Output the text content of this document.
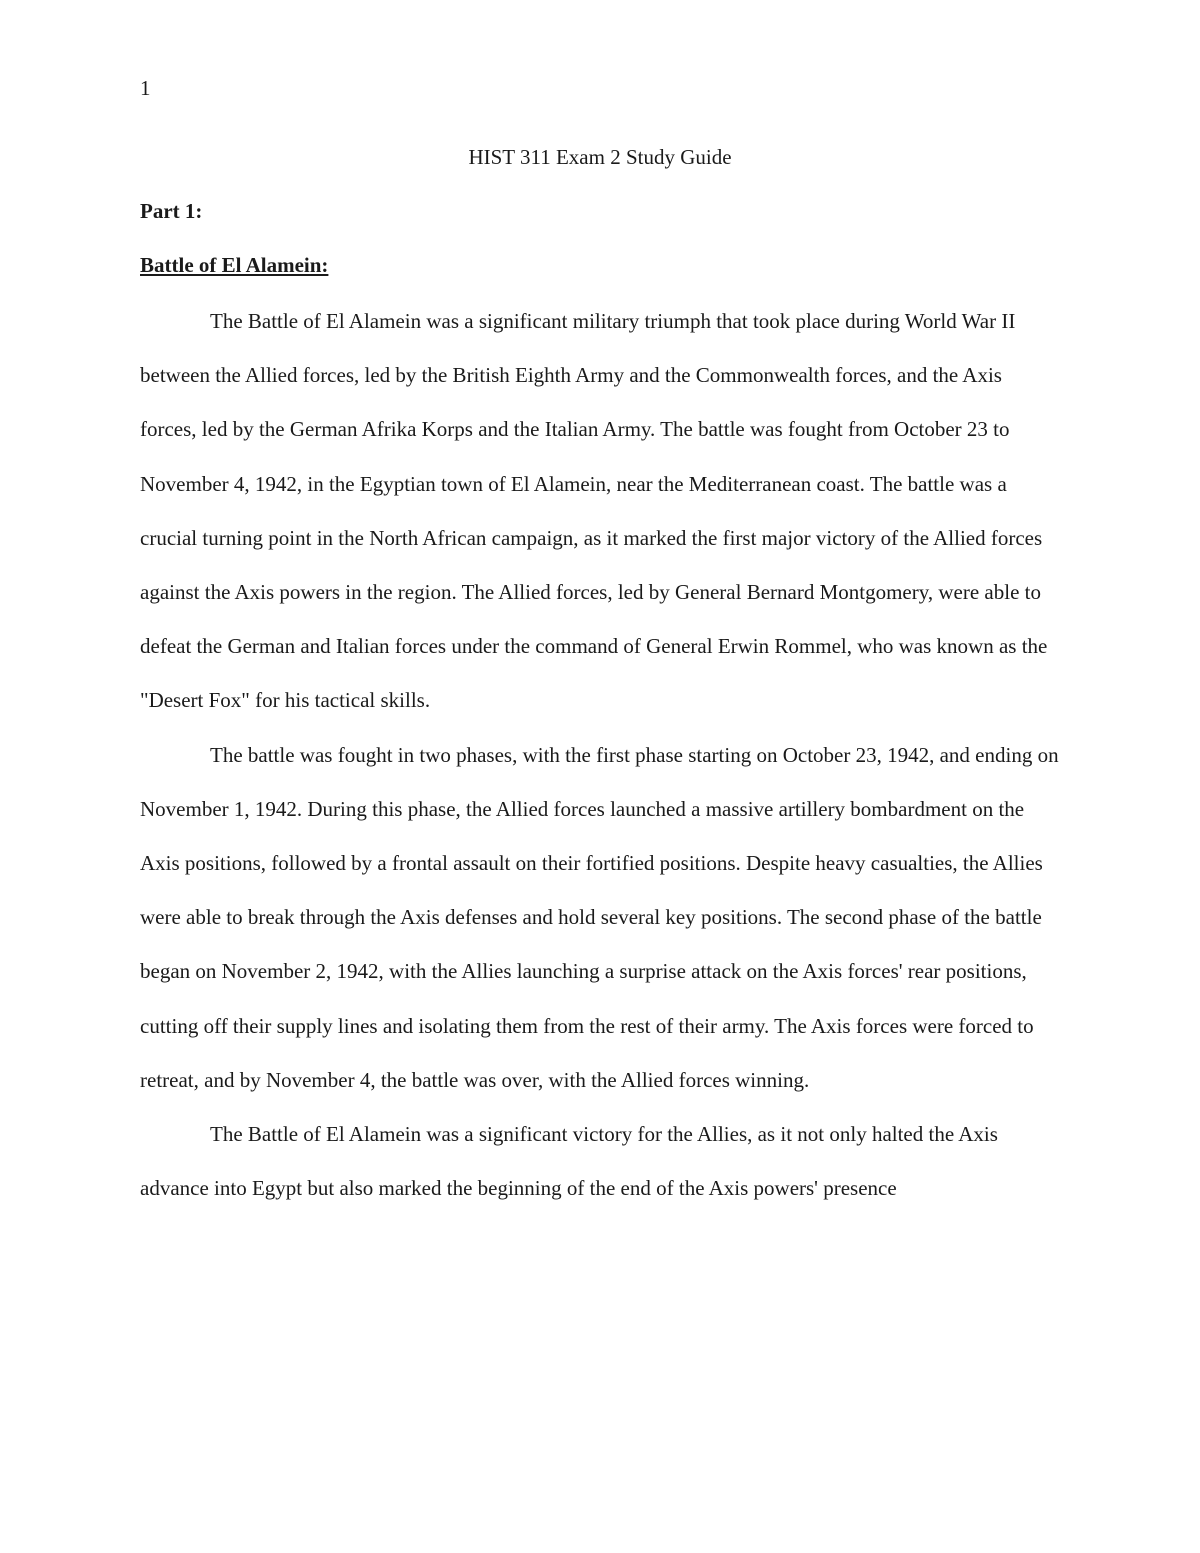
1
HIST 311 Exam 2 Study Guide
Part 1:
Battle of El Alamein:

The Battle of El Alamein was a significant military triumph that took place during World War II between the Allied forces, led by the British Eighth Army and the Commonwealth forces, and the Axis forces, led by the German Afrika Korps and the Italian Army. The battle was fought from October 23 to November 4, 1942, in the Egyptian town of El Alamein, near the Mediterranean coast. The battle was a crucial turning point in the North African campaign, as it marked the first major victory of the Allied forces against the Axis powers in the region. The Allied forces, led by General Bernard Montgomery, were able to defeat the German and Italian forces under the command of General Erwin Rommel, who was known as the "Desert Fox" for his tactical skills.

The battle was fought in two phases, with the first phase starting on October 23, 1942, and ending on November 1, 1942. During this phase, the Allied forces launched a massive artillery bombardment on the Axis positions, followed by a frontal assault on their fortified positions. Despite heavy casualties, the Allies were able to break through the Axis defenses and hold several key positions. The second phase of the battle began on November 2, 1942, with the Allies launching a surprise attack on the Axis forces' rear positions, cutting off their supply lines and isolating them from the rest of their army. The Axis forces were forced to retreat, and by November 4, the battle was over, with the Allied forces winning.

The Battle of El Alamein was a significant victory for the Allies, as it not only halted the Axis advance into Egypt but also marked the beginning of the end of the Axis powers' presence
